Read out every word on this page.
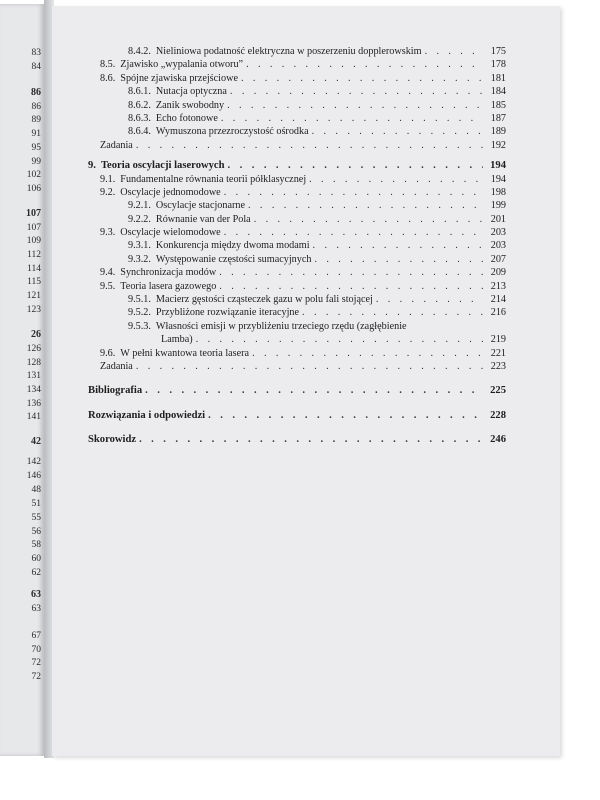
83
84
86
86
89
91
95
99
102
106
107
107
109
112
114
115
121
123
26
126
128
131
134
136
141
42
142
146
48
51
55
56
58
60
62
63
63
67
70
72
72
8.4.2. Nieliniowa podatność elektryczna w poszerzeniu dopplerowskim . . .	175
8.5. Zjawisko „wypalania otworu” . . .	178
8.6. Spójne zjawiska przejściowe . . .	181
8.6.1. Nutacja optyczna . . .	184
8.6.2. Zanik swobodny . . .	185
8.6.3. Echo fotonowe . . .	187
8.6.4. Wymuszona przezroczystość ośrodka . . .	189
Zadania . . .	192
9. Teoria oscylacji laserowych . . .	194
9.1. Fundamentalne równania teorii półklasycznej . . .	194
9.2. Oscylacje jednomodowe . . .	198
9.2.1. Oscylacje stacjonarne . . .	199
9.2.2. Równanie van der Pola . . .	201
9.3. Oscylacje wielomodowe . . .	203
9.3.1. Konkurencja między dwoma modami . . .	203
9.3.2. Występowanie częstości sumacyjnych . . .	207
9.4. Synchronizacja modów . . .	209
9.5. Teoria lasera gazowego . . .	213
9.5.1. Macierz gęstości cząsteczek gazu w polu fali stojącej . . .	214
9.5.2. Przybliżone rozwiązanie iteracyjne . . .	216
9.5.3. Własności emisji w przybliżeniu trzeciego rzędu (zagłębienie
Lamba) . . .	219
9.6. W pełni kwantowa teoria lasera . . .	221
Zadania . . .	223
Bibliografia . . .	225
Rozwiązania i odpowiedzi . . .	228
Skorowidz . . .	246
